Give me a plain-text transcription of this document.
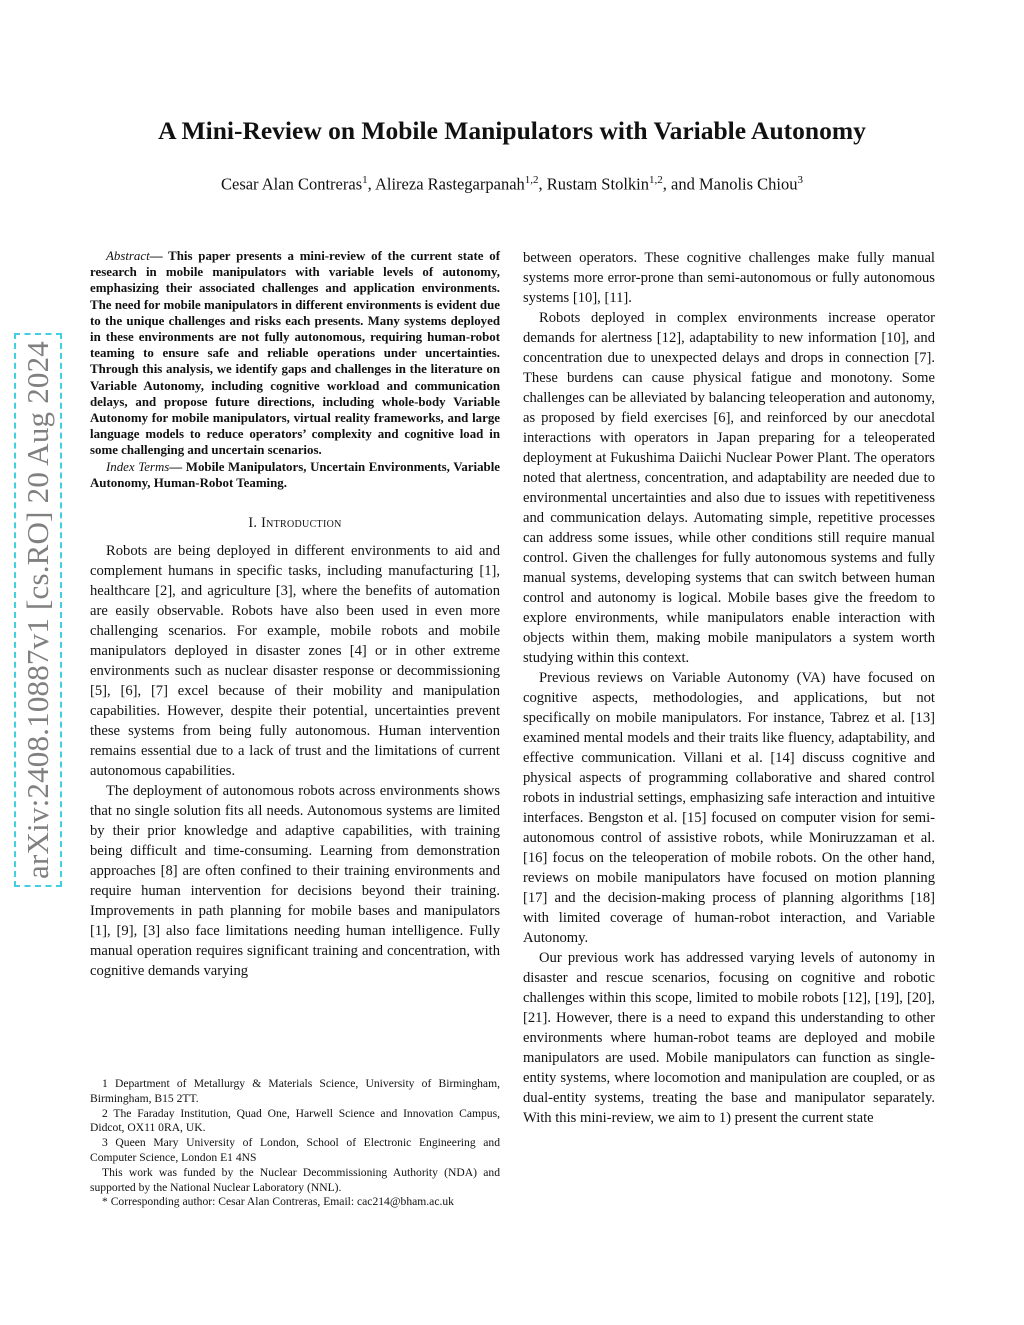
arXiv:2408.10887v1 [cs.RO] 20 Aug 2024
A Mini-Review on Mobile Manipulators with Variable Autonomy

Cesar Alan Contreras$^1$, Alireza Rastegarpanah$^{1,2}$, Rustam Stolkin$^{1,2}$, and Manolis Chiou$^3$

Abstract— This paper presents a mini-review of the current state of research in mobile manipulators with variable levels of autonomy, emphasizing their associated challenges and application environments. The need for mobile manipulators in different environments is evident due to the unique challenges and risks each presents. Many systems deployed in these environments are not fully autonomous, requiring human-robot teaming to ensure safe and reliable operations under uncertainties. Through this analysis, we identify gaps and challenges in the literature on Variable Autonomy, including cognitive workload and communication delays, and propose future directions, including whole-body Variable Autonomy for mobile manipulators, virtual reality frameworks, and large language models to reduce operators’ complexity and cognitive load in some challenging and uncertain scenarios.

Index Terms— Mobile Manipulators, Uncertain Environments, Variable Autonomy, Human-Robot Teaming.

I. Introduction

Robots are being deployed in different environments to aid and complement humans in specific tasks, including manufacturing [1], healthcare [2], and agriculture [3], where the benefits of automation are easily observable. Robots have also been used in even more challenging scenarios. For example, mobile robots and mobile manipulators deployed in disaster zones [4] or in other extreme environments such as nuclear disaster response or decommissioning [5], [6], [7] excel because of their mobility and manipulation capabilities. However, despite their potential, uncertainties prevent these systems from being fully autonomous. Human intervention remains essential due to a lack of trust and the limitations of current autonomous capabilities.

The deployment of autonomous robots across environments shows that no single solution fits all needs. Autonomous systems are limited by their prior knowledge and adaptive capabilities, with training being difficult and time-consuming. Learning from demonstration approaches [8] are often confined to their training environments and require human intervention for decisions beyond their training. Improvements in path planning for mobile bases and manipulators [1], [9], [3] also face limitations needing human intelligence. Fully manual operation requires significant training and concentration, with cognitive demands varying

1 Department of Metallurgy & Materials Science, University of Birmingham, Birmingham, B15 2TT.

2 The Faraday Institution, Quad One, Harwell Science and Innovation Campus, Didcot, OX11 0RA, UK.

3 Queen Mary University of London, School of Electronic Engineering and Computer Science, London E1 4NS

This work was funded by the Nuclear Decommissioning Authority (NDA) and supported by the National Nuclear Laboratory (NNL).

* Corresponding author: Cesar Alan Contreras, Email: cac214@bham.ac.uk

between operators. These cognitive challenges make fully manual systems more error-prone than semi-autonomous or fully autonomous systems [10], [11].

Robots deployed in complex environments increase operator demands for alertness [12], adaptability to new information [10], and concentration due to unexpected delays and drops in connection [7]. These burdens can cause physical fatigue and monotony. Some challenges can be alleviated by balancing teleoperation and autonomy, as proposed by field exercises [6], and reinforced by our anecdotal interactions with operators in Japan preparing for a teleoperated deployment at Fukushima Daiichi Nuclear Power Plant. The operators noted that alertness, concentration, and adaptability are needed due to environmental uncertainties and also due to issues with repetitiveness and communication delays. Automating simple, repetitive processes can address some issues, while other conditions still require manual control. Given the challenges for fully autonomous systems and fully manual systems, developing systems that can switch between human control and autonomy is logical. Mobile bases give the freedom to explore environments, while manipulators enable interaction with objects within them, making mobile manipulators a system worth studying within this context.

Previous reviews on Variable Autonomy (VA) have focused on cognitive aspects, methodologies, and applications, but not specifically on mobile manipulators. For instance, Tabrez et al. [13] examined mental models and their traits like fluency, adaptability, and effective communication. Villani et al. [14] discuss cognitive and physical aspects of programming collaborative and shared control robots in industrial settings, emphasizing safe interaction and intuitive interfaces. Bengston et al. [15] focused on computer vision for semi-autonomous control of assistive robots, while Moniruzzaman et al. [16] focus on the teleoperation of mobile robots. On the other hand, reviews on mobile manipulators have focused on motion planning [17] and the decision-making process of planning algorithms [18] with limited coverage of human-robot interaction, and Variable Autonomy.

Our previous work has addressed varying levels of autonomy in disaster and rescue scenarios, focusing on cognitive and robotic challenges within this scope, limited to mobile robots [12], [19], [20], [21]. However, there is a need to expand this understanding to other environments where human-robot teams are deployed and mobile manipulators are used. Mobile manipulators can function as single-entity systems, where locomotion and manipulation are coupled, or as dual-entity systems, treating the base and manipulator separately. With this mini-review, we aim to 1) present the current state
